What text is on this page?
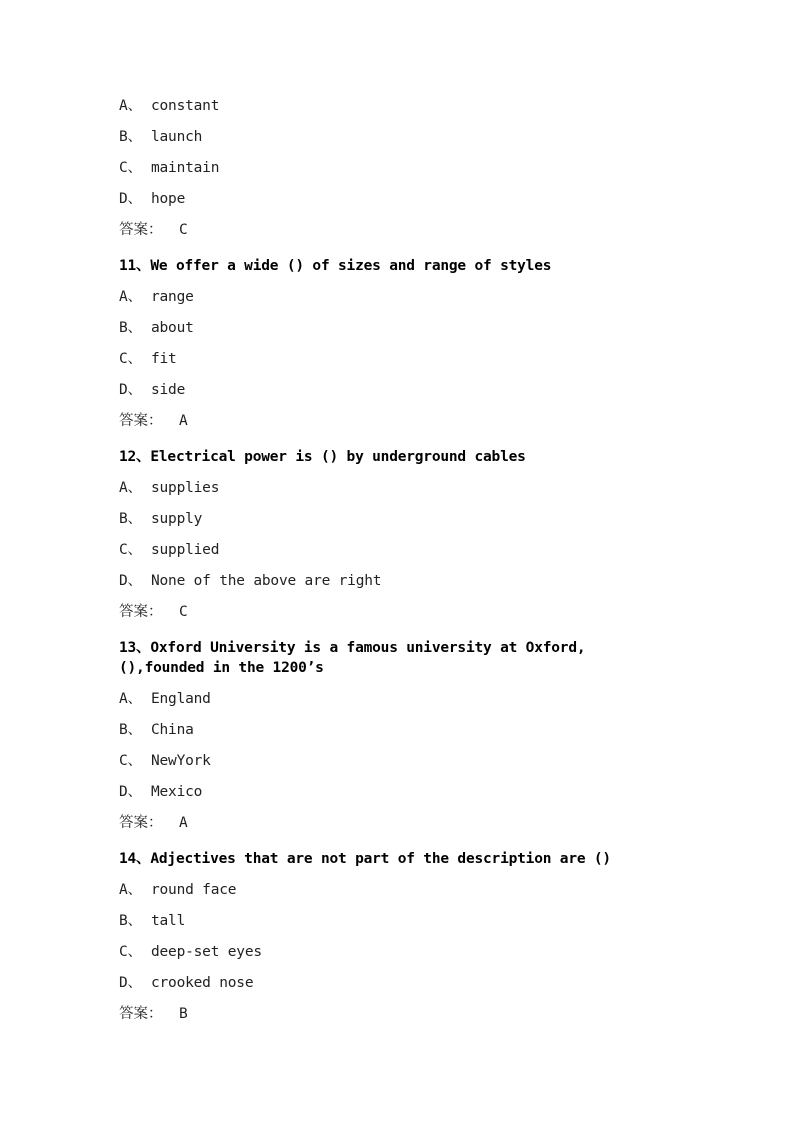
A、 constant
B、 launch
C、 maintain
D、 hope
答案： C
11、We offer a wide () of sizes and range of styles
A、 range
B、 about
C、 fit
D、 side
答案： A
12、Electrical power is () by underground cables
A、 supplies
B、 supply
C、 supplied
D、 None of the above are right
答案： C
13、Oxford University is a famous university at Oxford, (),founded in the 1200’s
A、 England
B、 China
C、 NewYork
D、 Mexico
答案： A
14、Adjectives that are not part of the description are ()
A、 round face
B、 tall
C、 deep-set eyes
D、 crooked nose
答案： B
